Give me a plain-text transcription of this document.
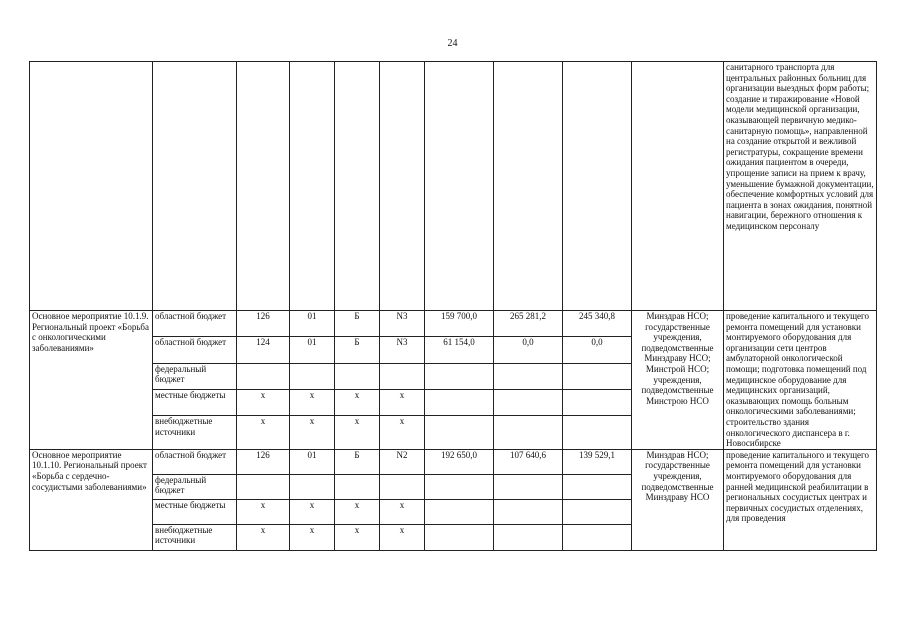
24
										санитарного транспорта для центральных районных больниц для организации выездных форм работы; создание и тиражирование «Новой модели медицинской организации, оказывающей первичную медико-санитарную помощь», направленной на создание открытой и вежливой регистратуры, сокращение времени ожидания пациентом в очереди, упрощение записи на прием к врачу, уменьшение бумажной документации, обеспечение комфортных условий для пациента в зонах ожидания, понятной навигации, бережного отношения к медицинском персоналу
Основное мероприятие 10.1.9. Региональный проект «Борьба с онкологическими заболеваниями»	областной бюджет	126	01	Б	N3	159 700,0	265 281,2	245 340,8	Минздрав НСО; государственные учреждения, подведомственные Минздраву НСО; Минстрой НСО; учреждения, подведомственные Минстрою НСО	проведение капитального и текущего ремонта помещений для установки монтируемого оборудования для организации сети центров амбулаторной онкологической помощи; подготовка помещений под медицинское оборудование для медицинских организаций, оказывающих помощь больным онкологическими заболеваниями; строительство здания онкологического диспансера в г. Новосибирске
	областной бюджет	124	01	Б	N3	61 154,0	0,0	0,0		
	федеральный бюджет									
	местные бюджеты	х	х	х	х					
	внебюджетные источники	х	х	х	х					
Основное мероприятие 10.1.10. Региональный проект «Борьба с сердечно-сосудистыми заболеваниями»	областной бюджет	126	01	Б	N2	192 650,0	107 640,6	139 529,1	Минздрав НСО; государственные учреждения, подведомственные Минздраву НСО	проведение капитального и текущего ремонта помещений для установки монтируемого оборудования для ранней медицинской реабилитации в региональных сосудистых центрах и первичных сосудистых отделениях, для проведения
	федеральный бюджет									
	местные бюджеты	х	х	х	х					
	внебюджетные источники	х	х	х	х					
